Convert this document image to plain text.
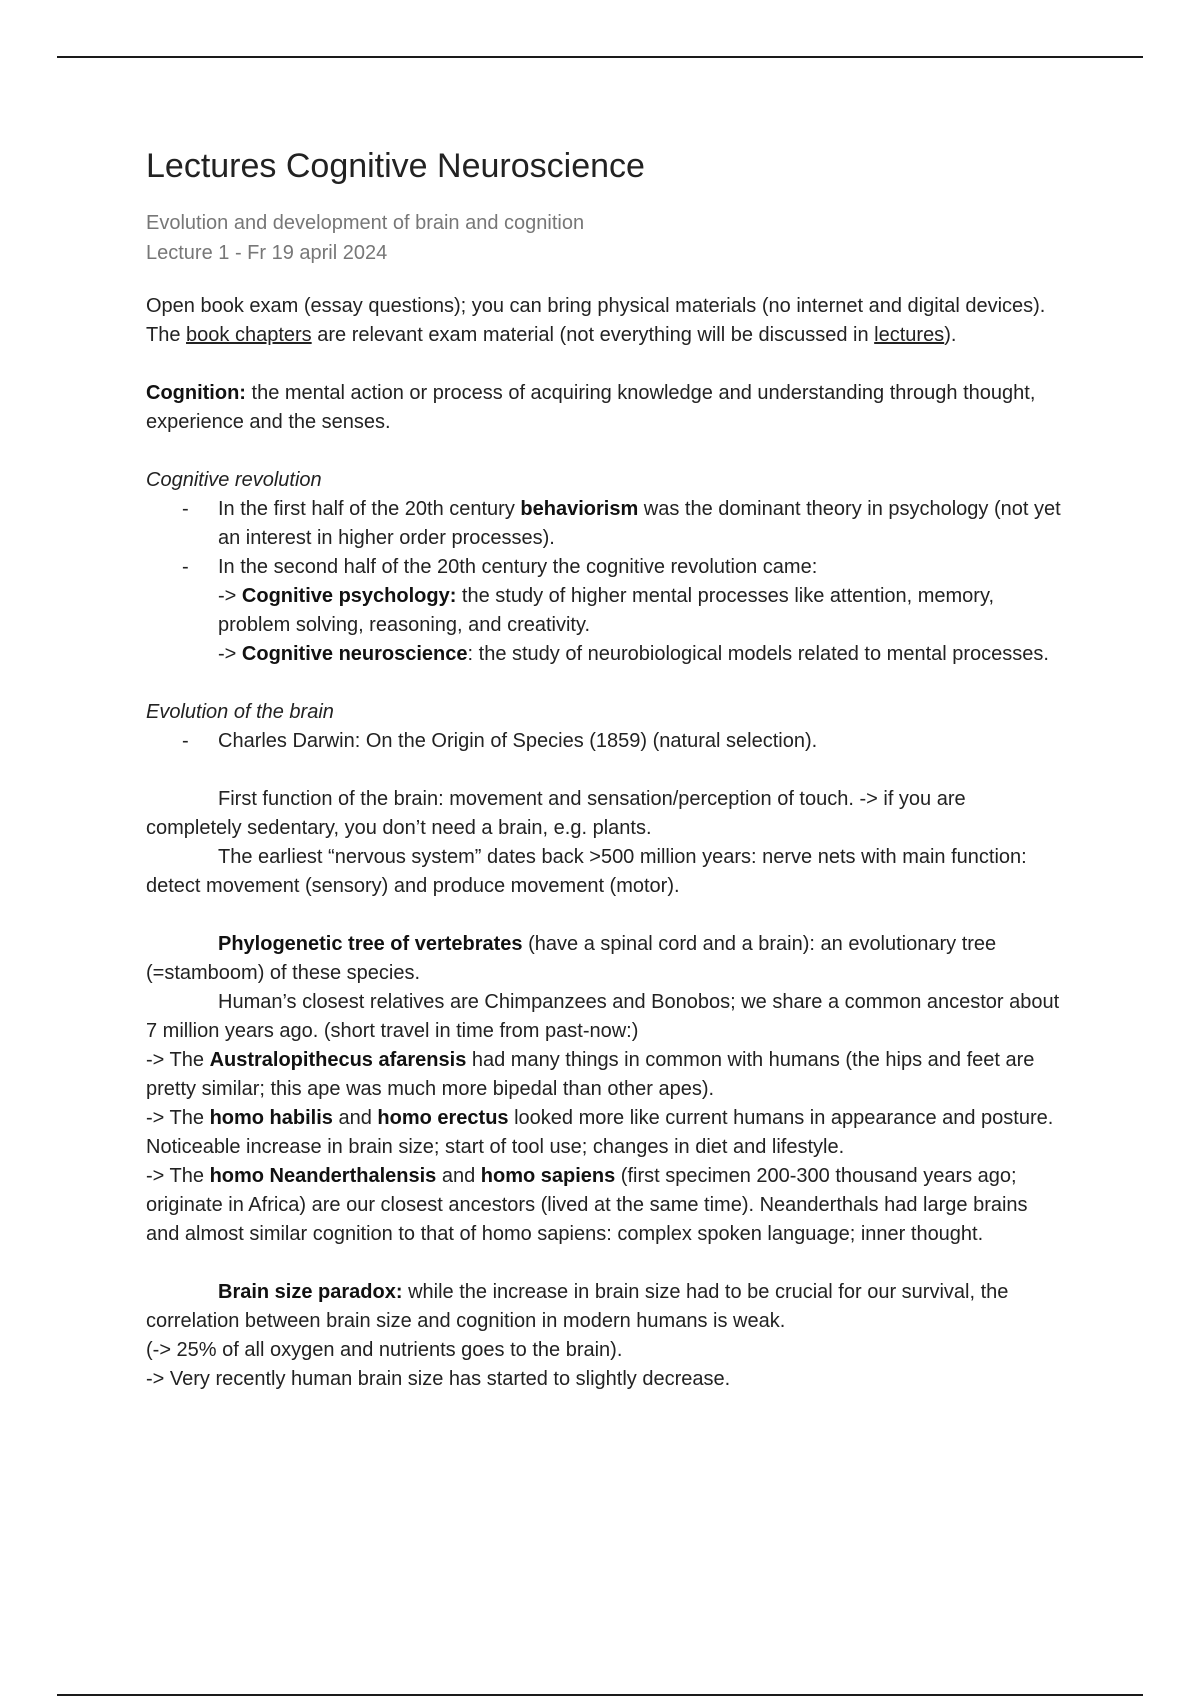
Lectures Cognitive Neuroscience
Evolution and development of brain and cognition
Lecture 1 - Fr 19 april 2024

Open book exam (essay questions); you can bring physical materials (no internet and digital devices).

The book chapters are relevant exam material (not everything will be discussed in lectures).

Cognition: the mental action or process of acquiring knowledge and understanding through thought, experience and the senses.

Cognitive revolution

- In the first half of the 20th century behaviorism was the dominant theory in psychology (not yet an interest in higher order processes).
- In the second half of the 20th century the cognitive revolution came:
-> Cognitive psychology: the study of higher mental processes like attention, memory, problem solving, reasoning, and creativity.
-> Cognitive neuroscience: the study of neurobiological models related to mental processes.

Evolution of the brain

- Charles Darwin: On the Origin of Species (1859) (natural selection).

First function of the brain: movement and sensation/perception of touch. -> if you are completely sedentary, you don’t need a brain, e.g. plants.

The earliest “nervous system” dates back >500 million years: nerve nets with main function: detect movement (sensory) and produce movement (motor).

Phylogenetic tree of vertebrates (have a spinal cord and a brain): an evolutionary tree (=stamboom) of these species.

Human’s closest relatives are Chimpanzees and Bonobos; we share a common ancestor about 7 million years ago. (short travel in time from past-now:)

-> The Australopithecus afarensis had many things in common with humans (the hips and feet are pretty similar; this ape was much more bipedal than other apes).

-> The homo habilis and homo erectus looked more like current humans in appearance and posture. Noticeable increase in brain size; start of tool use; changes in diet and lifestyle.

-> The homo Neanderthalensis and homo sapiens (first specimen 200-300 thousand years ago; originate in Africa) are our closest ancestors (lived at the same time). Neanderthals had large brains and almost similar cognition to that of homo sapiens: complex spoken language; inner thought.

Brain size paradox: while the increase in brain size had to be crucial for our survival, the correlation between brain size and cognition in modern humans is weak.

(-> 25% of all oxygen and nutrients goes to the brain).

-> Very recently human brain size has started to slightly decrease.
